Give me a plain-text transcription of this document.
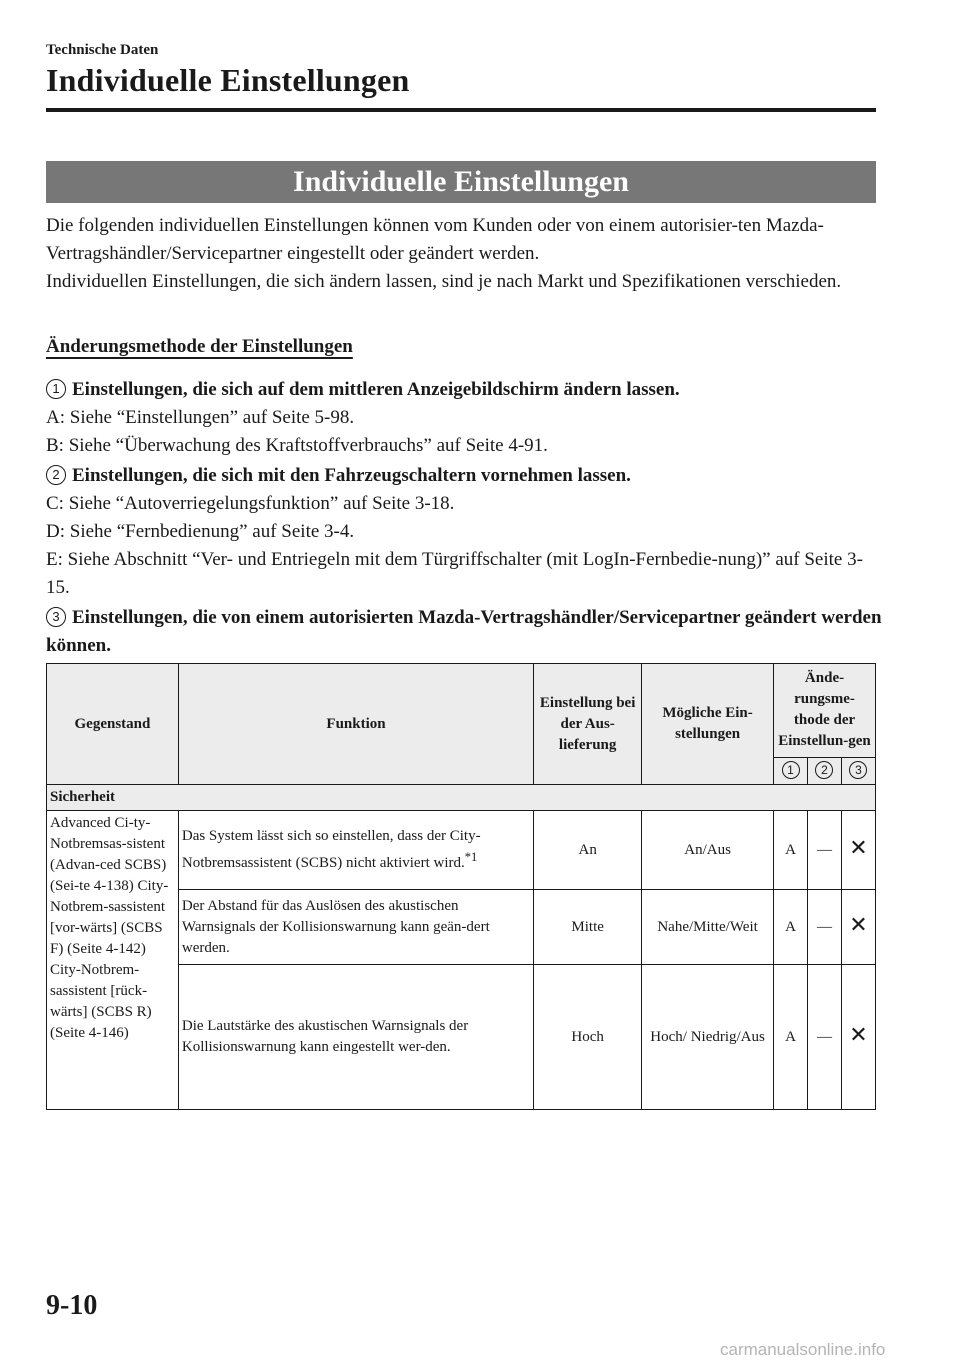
Technische Daten
Individuelle Einstellungen
Individuelle Einstellungen

Die folgenden individuellen Einstellungen können vom Kunden oder von einem autorisier-ten Mazda-Vertragshändler/Servicepartner eingestellt oder geändert werden.

Individuellen Einstellungen, die sich ändern lassen, sind je nach Markt und Spezifikationen verschieden.

Änderungsmethode der Einstellungen

1 Einstellungen, die sich auf dem mittleren Anzeigebildschirm ändern lassen.

A: Siehe “Einstellungen” auf Seite 5-98.

B: Siehe “Überwachung des Kraftstoffverbrauchs” auf Seite 4-91.

2 Einstellungen, die sich mit den Fahrzeugschaltern vornehmen lassen.

C: Siehe “Autoverriegelungsfunktion” auf Seite 3-18.

D: Siehe “Fernbedienung” auf Seite 3-4.

E: Siehe Abschnitt “Ver- und Entriegeln mit dem Türgriffschalter (mit LogIn-Fernbedie-nung)” auf Seite 3-15.

3 Einstellungen, die von einem autorisierten Mazda-Vertragshändler/Servicepartner geändert werden können.

Gegenstand	Funktion	Einstellung bei der Aus-lieferung	Mögliche Ein-stellungen	Ände-rungsme-thode der Einstellun-gen		
				1	2	3
Sicherheit						
Advanced Ci-ty-Notbremsas-sistent (Advan-ced SCBS) (Sei-te 4-138) City-Notbrem-sassistent [vor-wärts] (SCBS F) (Seite 4-142) City-Notbrem-sassistent [rück-wärts] (SCBS R) (Seite 4-146)	Das System lässt sich so einstellen, dass der City-Notbremsassistent (SCBS) nicht aktiviert wird.$^{*1}$	An	An/Aus	A	—	✕
	Der Abstand für das Auslösen des akustischen Warnsignals der Kollisionswarnung kann geän-dert werden.	Mitte	Nahe/Mitte/Weit	A	—	✕
	Die Lautstärke des akustischen Warnsignals der Kollisionswarnung kann eingestellt wer-den.	Hoch	Hoch/ Niedrig/Aus	A	—	✕
9-10
carmanualsonline.info
